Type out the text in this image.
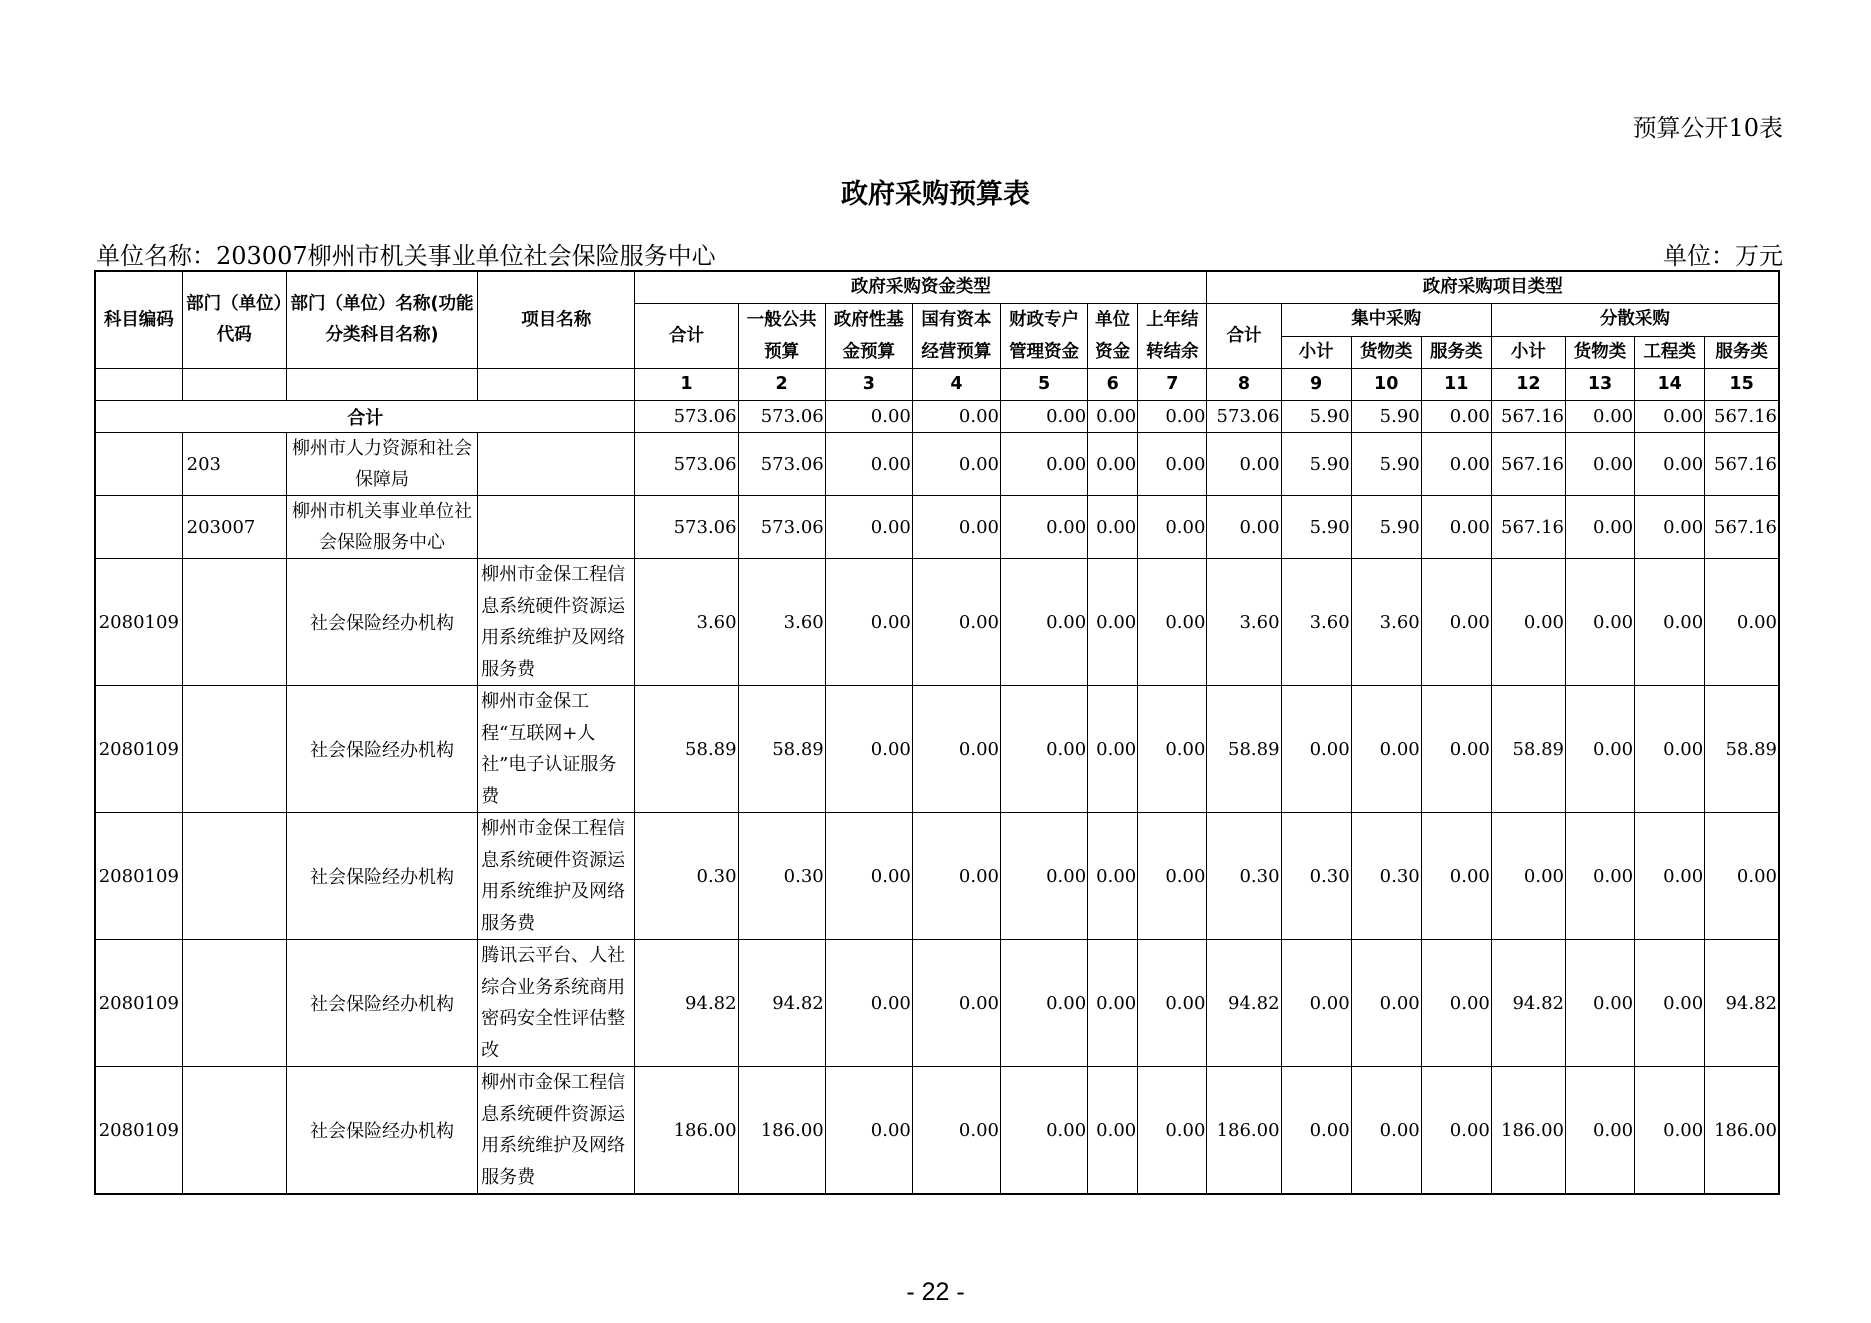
预算公开10表
政府采购预算表
单位名称：203007柳州市机关事业单位社会保险服务中心	单位：万元
科目编码	部门（单位）代码	部门（单位）名称(功能分类科目名称)	项目名称	政府采购资金类型							政府采购项目类型							
				合计	一般公共预算	政府性基金预算	国有资本经营预算	财政专户管理资金	单位资金	上年结转结余	合计	集中采购			分散采购			
												小计	货物类	服务类	小计	货物类	工程类	服务类
				1	2	3	4	5	6	7	8	9	10	11	12	13	14	15
合计				573.06	573.06	0.00	0.00	0.00	0.00	0.00	573.06	5.90	5.90	0.00	567.16	0.00	0.00	567.16
	203	柳州市人力资源和社会保障局		573.06	573.06	0.00	0.00	0.00	0.00	0.00	0.00	5.90	5.90	0.00	567.16	0.00	0.00	567.16
	203007	柳州市机关事业单位社会保险服务中心		573.06	573.06	0.00	0.00	0.00	0.00	0.00	0.00	5.90	5.90	0.00	567.16	0.00	0.00	567.16
2080109		社会保险经办机构	柳州市金保工程信息系统硬件资源运用系统维护及网络服务费	3.60	3.60	0.00	0.00	0.00	0.00	0.00	3.60	3.60	3.60	0.00	0.00	0.00	0.00	0.00
2080109		社会保险经办机构	柳州市金保工程“互联网+人社”电子认证服务费	58.89	58.89	0.00	0.00	0.00	0.00	0.00	58.89	0.00	0.00	0.00	58.89	0.00	0.00	58.89
2080109		社会保险经办机构	柳州市金保工程信息系统硬件资源运用系统维护及网络服务费	0.30	0.30	0.00	0.00	0.00	0.00	0.00	0.30	0.30	0.30	0.00	0.00	0.00	0.00	0.00
2080109		社会保险经办机构	腾讯云平台、人社综合业务系统商用密码安全性评估整改	94.82	94.82	0.00	0.00	0.00	0.00	0.00	94.82	0.00	0.00	0.00	94.82	0.00	0.00	94.82
2080109		社会保险经办机构	柳州市金保工程信息系统硬件资源运用系统维护及网络服务费	186.00	186.00	0.00	0.00	0.00	0.00	0.00	186.00	0.00	0.00	0.00	186.00	0.00	0.00	186.00
- 22 -
